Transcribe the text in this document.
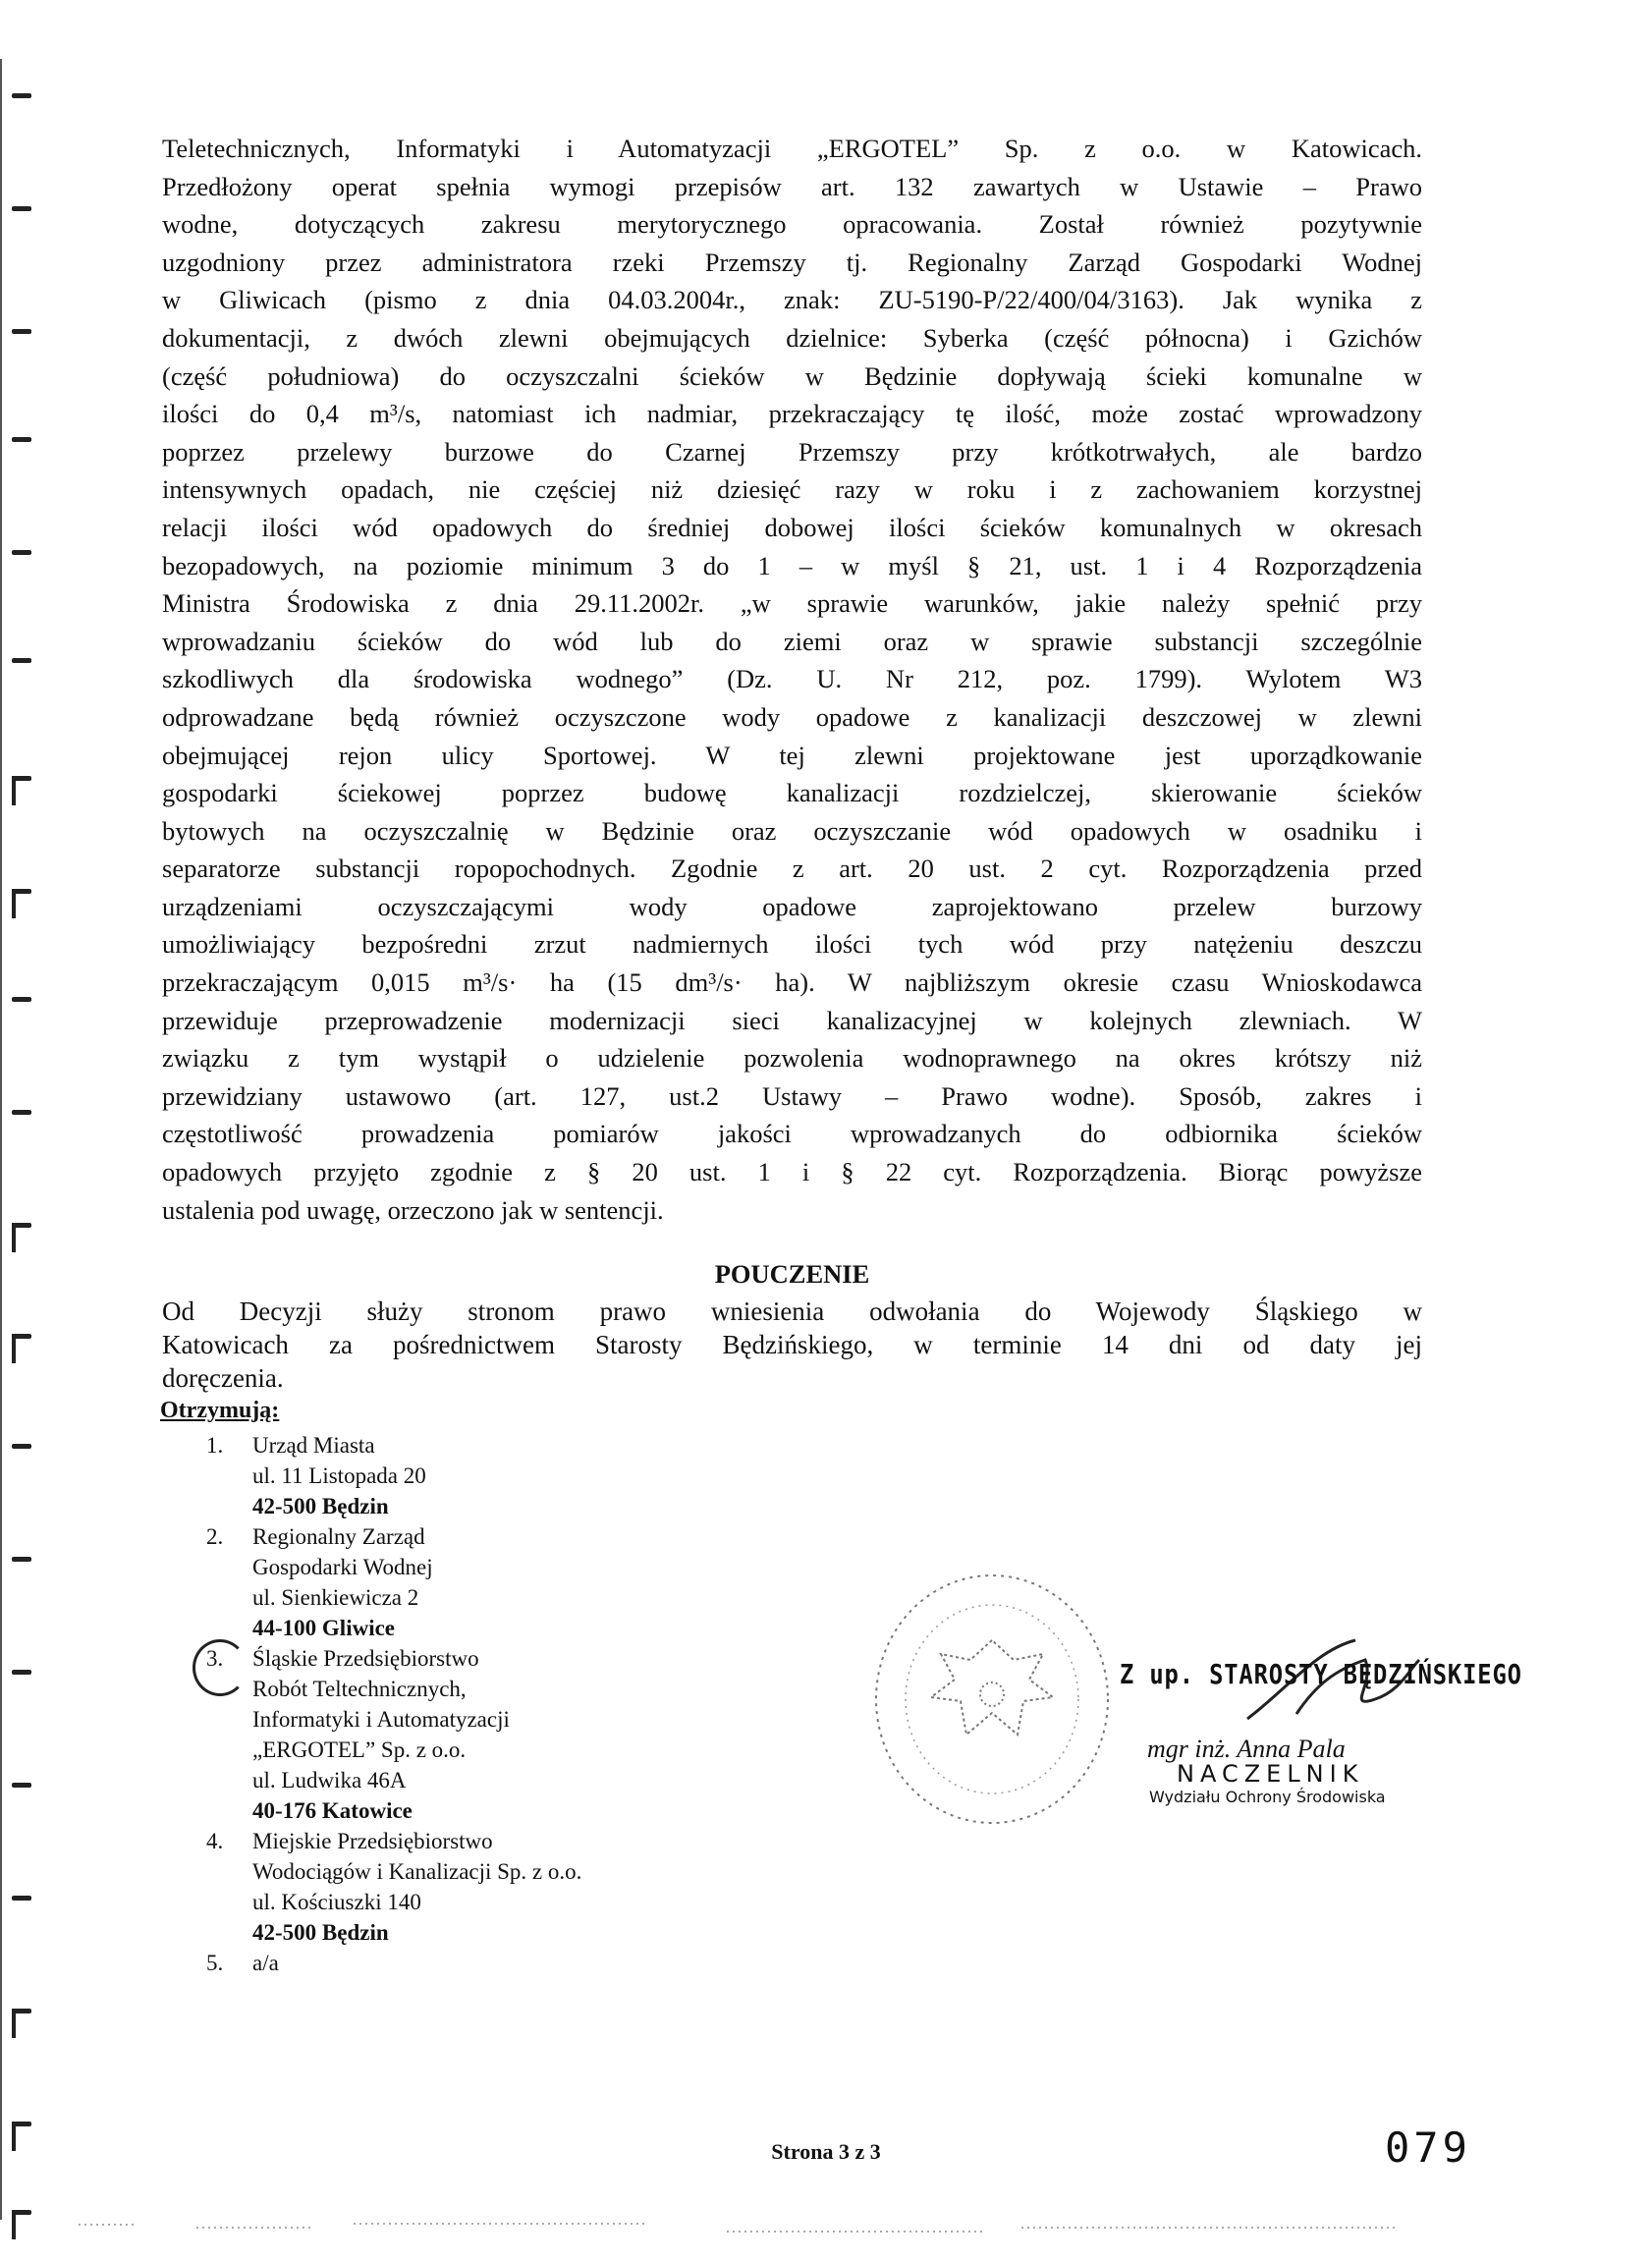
Teletechnicznych, Informatyki i Automatyzacji „ERGOTEL” Sp. z o.o. w Katowicach.

Przedłożony operat spełnia wymogi przepisów art. 132 zawartych w Ustawie – Prawo

wodne, dotyczących zakresu merytorycznego opracowania. Został również pozytywnie

uzgodniony przez administratora rzeki Przemszy tj. Regionalny Zarząd Gospodarki Wodnej

w Gliwicach (pismo z dnia 04.03.2004r., znak: ZU-5190-P/22/400/04/3163). Jak wynika z

dokumentacji, z dwóch zlewni obejmujących dzielnice: Syberka (część północna) i Gzichów

(część południowa) do oczyszczalni ścieków w Będzinie dopływają ścieki komunalne w

ilości do 0,4 m³/s, natomiast ich nadmiar, przekraczający tę ilość, może zostać wprowadzony

poprzez przelewy burzowe do Czarnej Przemszy przy krótkotrwałych, ale bardzo

intensywnych opadach, nie częściej niż dziesięć razy w roku i z zachowaniem korzystnej

relacji ilości wód opadowych do średniej dobowej ilości ścieków komunalnych w okresach

bezopadowych, na poziomie minimum 3 do 1 – w myśl § 21, ust. 1 i 4 Rozporządzenia

Ministra Środowiska z dnia 29.11.2002r. „w sprawie warunków, jakie należy spełnić przy

wprowadzaniu ścieków do wód lub do ziemi oraz w sprawie substancji szczególnie

szkodliwych dla środowiska wodnego” (Dz. U. Nr 212, poz. 1799). Wylotem W3

odprowadzane będą również oczyszczone wody opadowe z kanalizacji deszczowej w zlewni

obejmującej rejon ulicy Sportowej. W tej zlewni projektowane jest uporządkowanie

gospodarki ściekowej poprzez budowę kanalizacji rozdzielczej, skierowanie ścieków

bytowych na oczyszczalnię w Będzinie oraz oczyszczanie wód opadowych w osadniku i

separatorze substancji ropopochodnych. Zgodnie z art. 20 ust. 2 cyt. Rozporządzenia przed

urządzeniami oczyszczającymi wody opadowe zaprojektowano przelew burzowy

umożliwiający bezpośredni zrzut nadmiernych ilości tych wód przy natężeniu deszczu

przekraczającym 0,015 m³/s· ha (15 dm³/s· ha). W najbliższym okresie czasu Wnioskodawca

przewiduje przeprowadzenie modernizacji sieci kanalizacyjnej w kolejnych zlewniach. W

związku z tym wystąpił o udzielenie pozwolenia wodnoprawnego na okres krótszy niż

przewidziany ustawowo (art. 127, ust.2 Ustawy – Prawo wodne). Sposób, zakres i

częstotliwość prowadzenia pomiarów jakości wprowadzanych do odbiornika ścieków

opadowych przyjęto zgodnie z § 20 ust. 1 i § 22 cyt. Rozporządzenia. Biorąc powyższe

ustalenia pod uwagę, orzeczono jak w sentencji.

POUCZENIE

Od Decyzji służy stronom prawo wniesienia odwołania do Wojewody Śląskiego w

Katowicach za pośrednictwem Starosty Będzińskiego, w terminie 14 dni od daty jej

doręczenia.

Otrzymują:
1. Urząd Miasta
ul. 11 Listopada 20
42-500 Będzin
2. Regionalny Zarząd
Gospodarki Wodnej
ul. Sienkiewicza 2
44-100 Gliwice
3. Śląskie Przedsiębiorstwo
Robót Teltechnicznych,
Informatyki i Automatyzacji
„ERGOTEL” Sp. z o.o.
ul. Ludwika 46A
40-176 Katowice
4. Miejskie Przedsiębiorstwo
Wodociągów i Kanalizacji Sp. z o.o.
ul. Kościuszki 140
42-500 Będzin
5. a/a
Z up. STAROSTY BĘDZIŃSKIEGO
mgr inż. Anna Pala
NACZELNIK
Wydziału Ochrony Środowiska
Strona 3 z 3	079
